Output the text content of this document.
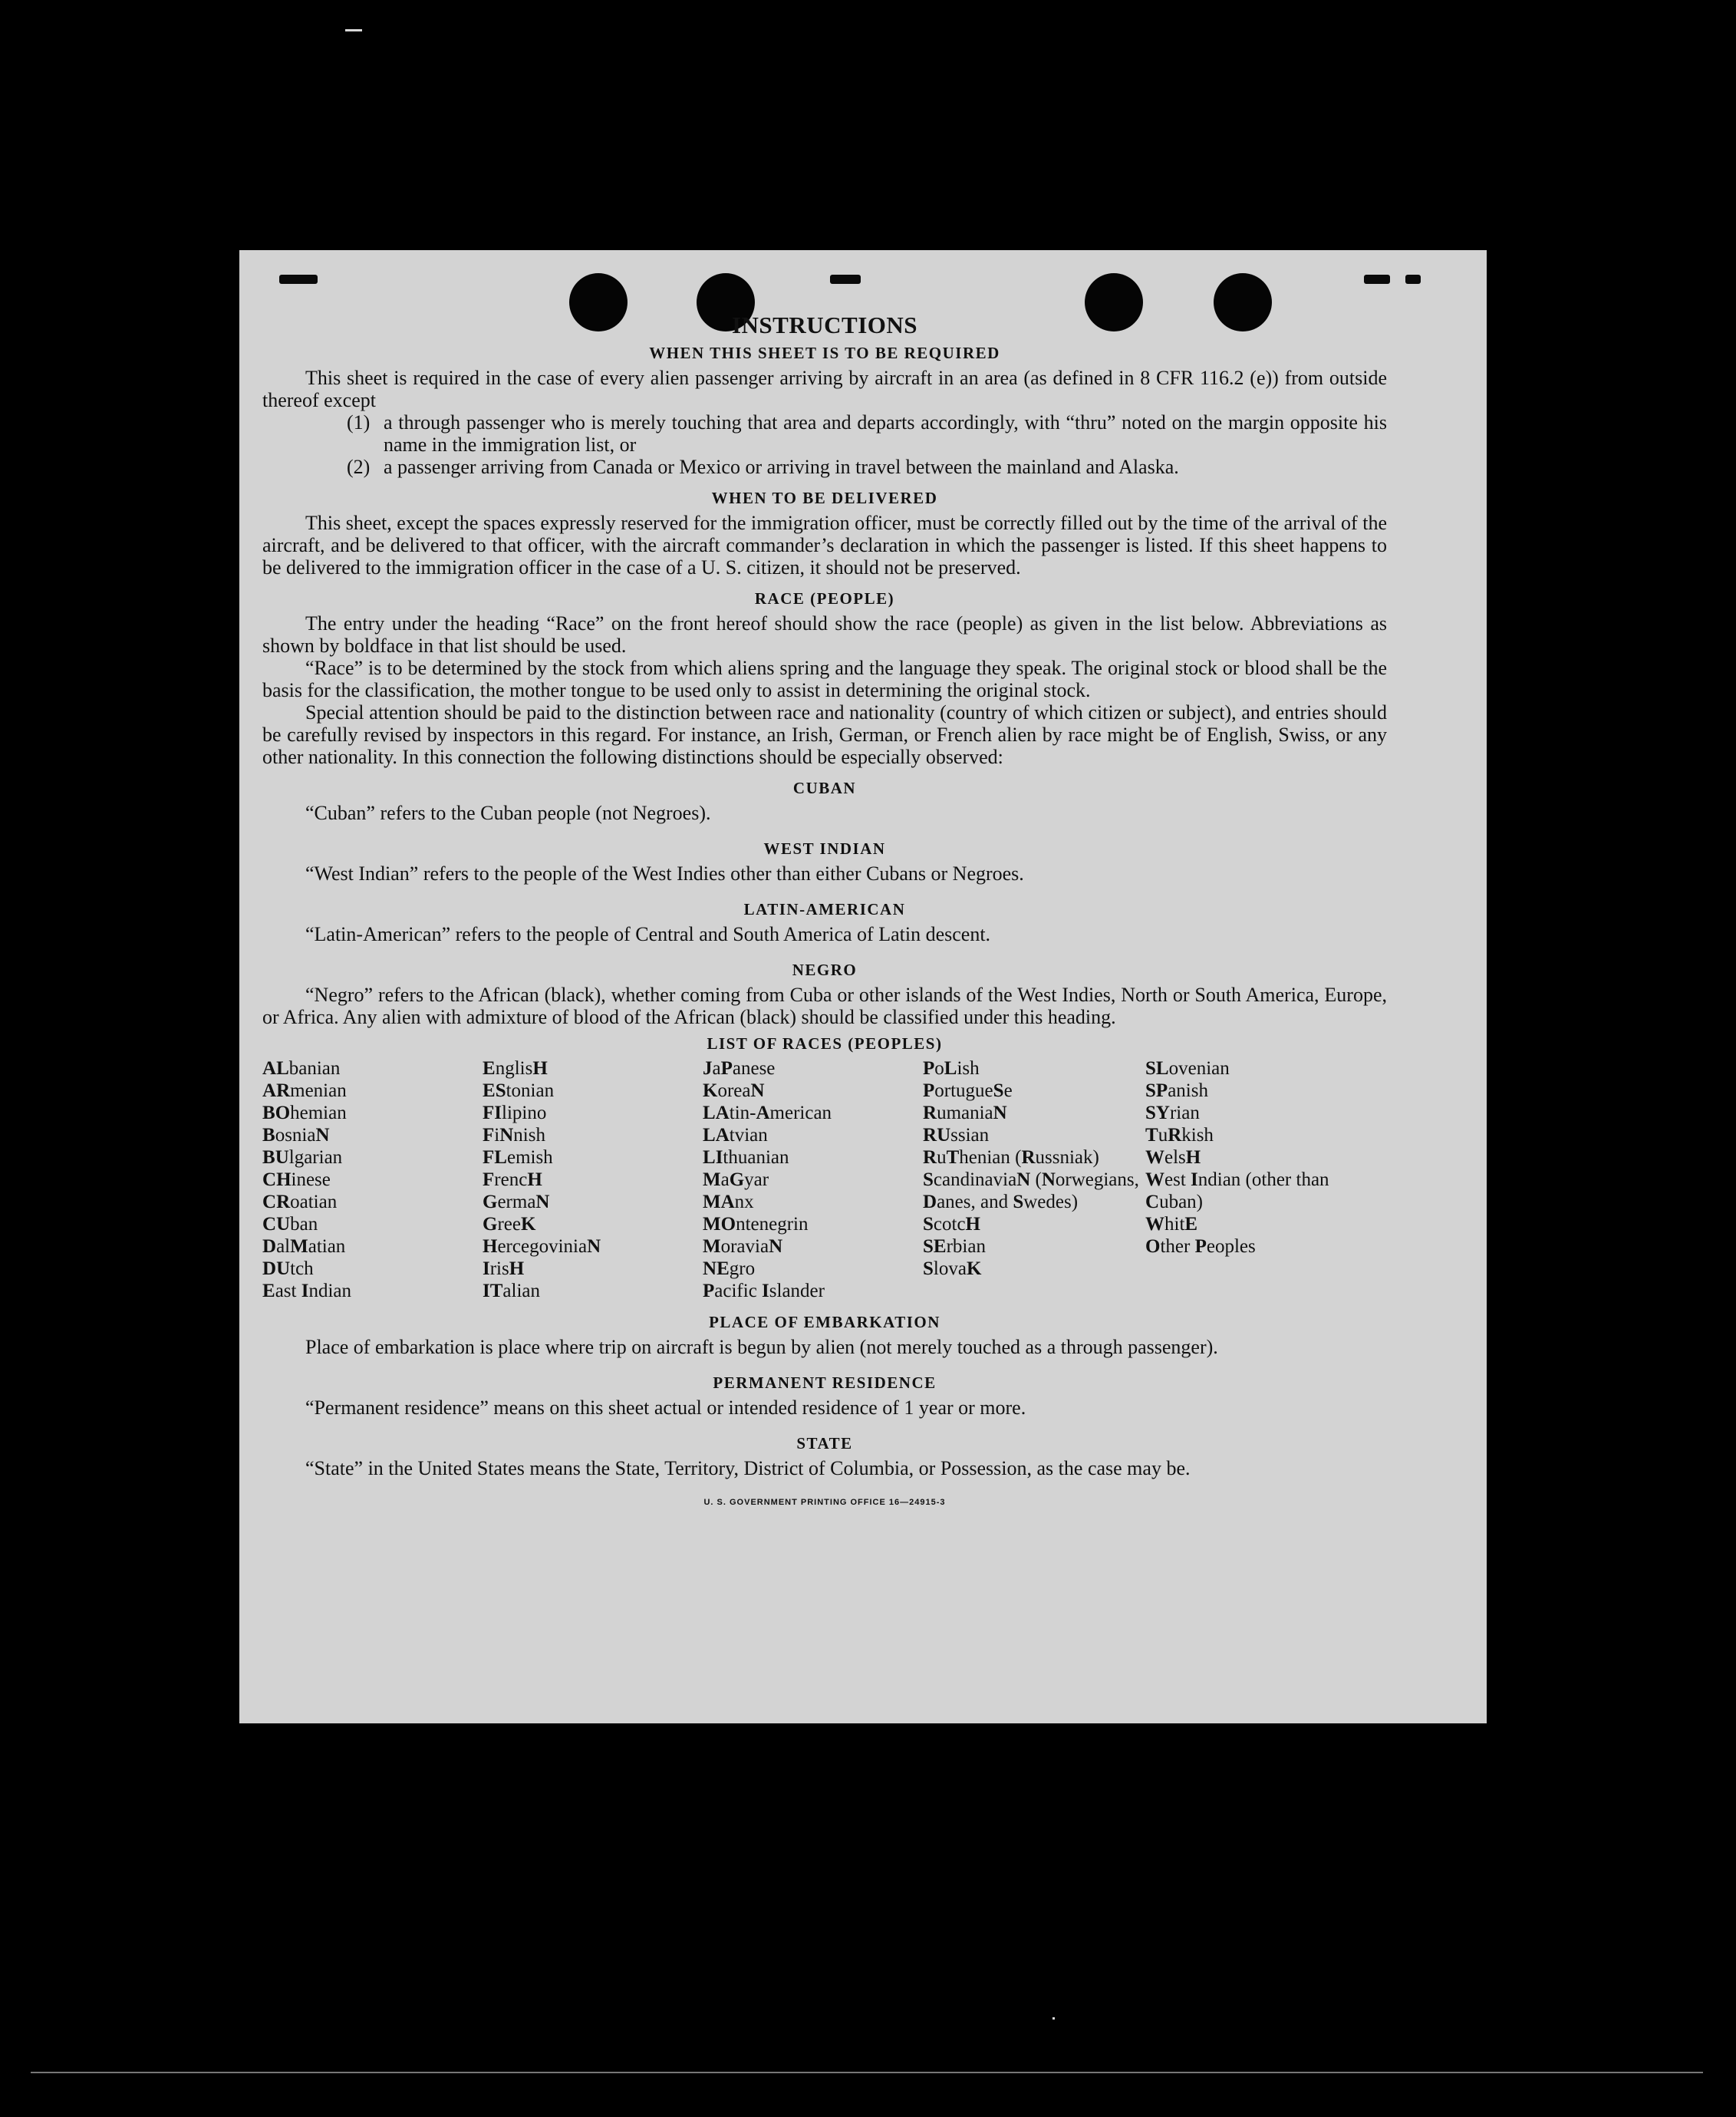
INSTRUCTIONS
WHEN THIS SHEET IS TO BE REQUIRED

This sheet is required in the case of every alien passenger arriving by aircraft in an area (as defined in 8 CFR 116.2 (e)) from outside thereof except

(1) a through passenger who is merely touching that area and departs accordingly, with “thru” noted on the margin opposite his name in the immigration list, or
(2) a passenger arriving from Canada or Mexico or arriving in travel between the mainland and Alaska.
WHEN TO BE DELIVERED

This sheet, except the spaces expressly reserved for the immigration officer, must be correctly filled out by the time of the arrival of the aircraft, and be delivered to that officer, with the aircraft commander’s declaration in which the passenger is listed. If this sheet happens to be delivered to the immigration officer in the case of a U. S. citizen, it should not be preserved.

RACE (PEOPLE)

The entry under the heading “Race” on the front hereof should show the race (people) as given in the list below. Abbreviations as shown by boldface in that list should be used.

“Race” is to be determined by the stock from which aliens spring and the language they speak. The original stock or blood shall be the basis for the classification, the mother tongue to be used only to assist in determining the original stock.

Special attention should be paid to the distinction between race and nationality (country of which citizen or subject), and entries should be carefully revised by inspectors in this regard. For instance, an Irish, German, or French alien by race might be of English, Swiss, or any other nationality. In this connection the following distinctions should be especially observed:

CUBAN

“Cuban” refers to the Cuban people (not Negroes).

WEST INDIAN

“West Indian” refers to the people of the West Indies other than either Cubans or Negroes.

LATIN-AMERICAN

“Latin-American” refers to the people of Central and South America of Latin descent.

NEGRO

“Negro” refers to the African (black), whether coming from Cuba or other islands of the West Indies, North or South America, Europe, or Africa. Any alien with admixture of blood of the African (black) should be classified under this heading.

LIST OF RACES (PEOPLES)
ALbanian
ARmenian
BOhemian
BosniaN
BUlgarian
CHinese
CRoatian
CUban
DalMatian
DUtch
East Indian
EnglisH
EStonian
FIlipino
FiNnish
FLemish
FrencH
GermaN
GreeK
HercegoviniaN
IrisH
ITalian
JaPanese
KoreaN
LAtin-American
LAtvian
LIthuanian
MaGyar
MAnx
MOntenegrin
MoraviaN
NEgro
Pacific Islander
PoLish
PortugueSe
RumaniaN
RUssian
RuThenian (Russniak)
ScandinaviaN (Norwegians, Danes, and Swedes)
ScotcH
SErbian
SlovaK
SLovenian
SPanish
SYrian
TuRkish
WelsH
West Indian (other than Cuban)
WhitE
Other Peoples
PLACE OF EMBARKATION

Place of embarkation is place where trip on aircraft is begun by alien (not merely touched as a through passenger).

PERMANENT RESIDENCE

“Permanent residence” means on this sheet actual or intended residence of 1 year or more.

STATE

“State” in the United States means the State, Territory, District of Columbia, or Possession, as the case may be.

U. S. GOVERNMENT PRINTING OFFICE 16—24915-3
